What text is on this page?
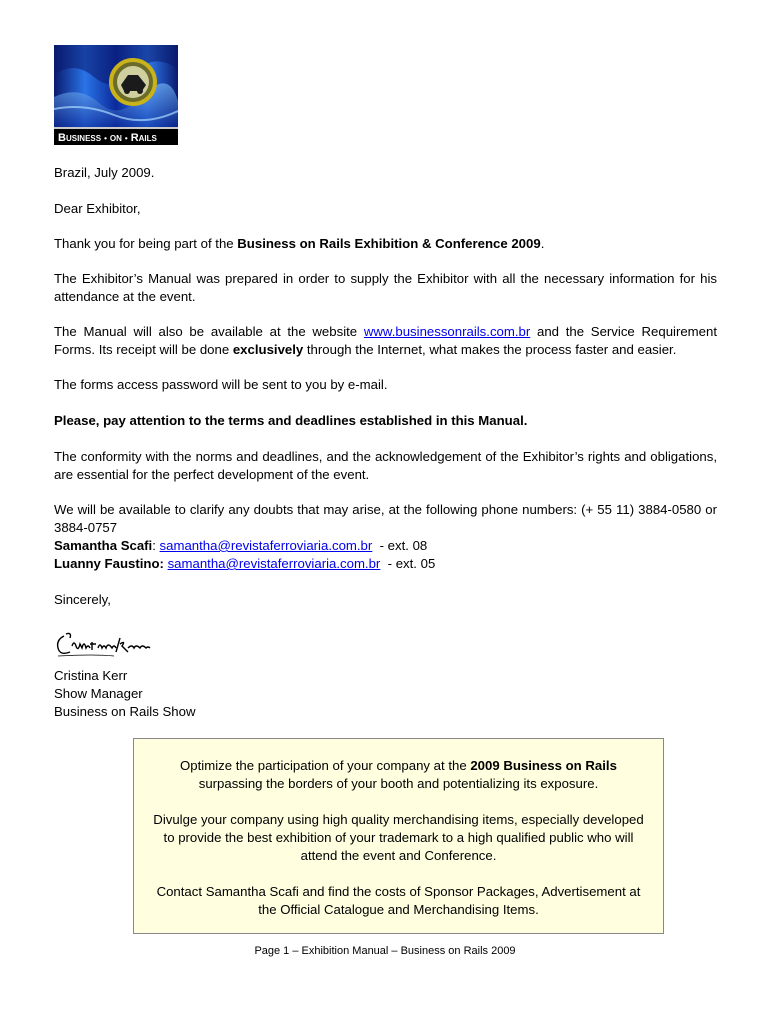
BUSINESS • ON • RAILS
Brazil, July 2009.
Dear Exhibitor,
Thank you for being part of the Business on Rails Exhibition & Conference 2009.
The Exhibitor’s Manual was prepared in order to supply the Exhibitor with all the necessary information for his attendance at the event.
The Manual will also be available at the website www.businessonrails.com.br and the Service Requirement Forms. Its receipt will be done exclusively through the Internet, what makes the process faster and easier.
The forms access password will be sent to you by e-mail.
Please, pay attention to the terms and deadlines established in this Manual.
The conformity with the norms and deadlines, and the acknowledgement of the Exhibitor’s rights and obligations, are essential for the perfect development of the event.
We will be available to clarify any doubts that may arise, at the following phone numbers: (+ 55 11) 3884-0580 or 3884-0757
Samantha Scafi: samantha@revistaferroviaria.com.br  - ext. 08
Luanny Faustino: samantha@revistaferroviaria.com.br  - ext. 05
Sincerely,
Cristina Kerr
Show Manager
Business on Rails Show

Optimize the participation of your company at the 2009 Business on Rails surpassing the borders of your booth and potentializing its exposure.

Divulge your company using high quality merchandising items, especially developed to provide the best exhibition of your trademark to a high qualified public who will attend the event and Conference.

Contact Samantha Scafi and find the costs of Sponsor Packages, Advertisement at the Official Catalogue and Merchandising Items.

Page 1 – Exhibition Manual – Business on Rails 2009
